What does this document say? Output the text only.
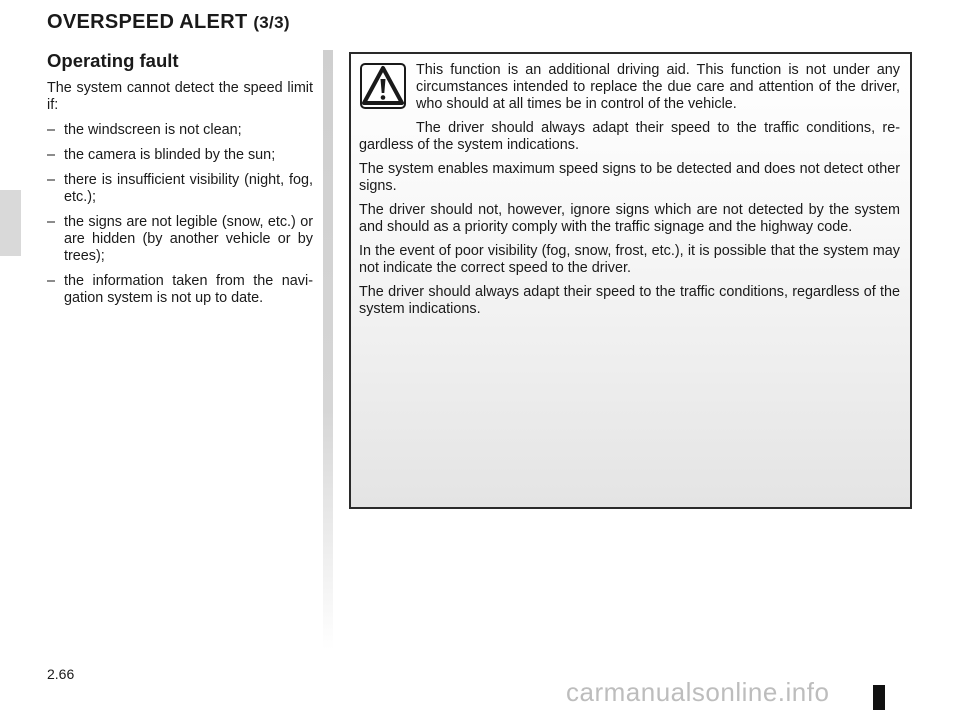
OVERSPEED ALERT (3/3)
Operating fault

The system cannot detect the speed limit if:

– the windscreen is not clean;
– the camera is blinded by the sun;
– there is insufficient visibility (night, fog, etc.);
– the signs are not legible (snow, etc.) or are hidden (by another vehicle or by trees);
– the information taken from the navi-gation system is not up to date.

This function is an additional driving aid. This function is not under any circumstances intended to replace the due care and attention of the driver, who should at all times be in control of the vehicle.

The driver should always adapt their speed to the traffic conditions, re-gardless of the system indications.

The system enables maximum speed signs to be detected and does not detect other signs.

The driver should not, however, ignore signs which are not detected by the system and should as a priority comply with the traffic signage and the highway code.

In the event of poor visibility (fog, snow, frost, etc.), it is possible that the system may not indicate the correct speed to the driver.

The driver should always adapt their speed to the traffic conditions, regardless of the system indications.

2.66
carmanualsonline.info
